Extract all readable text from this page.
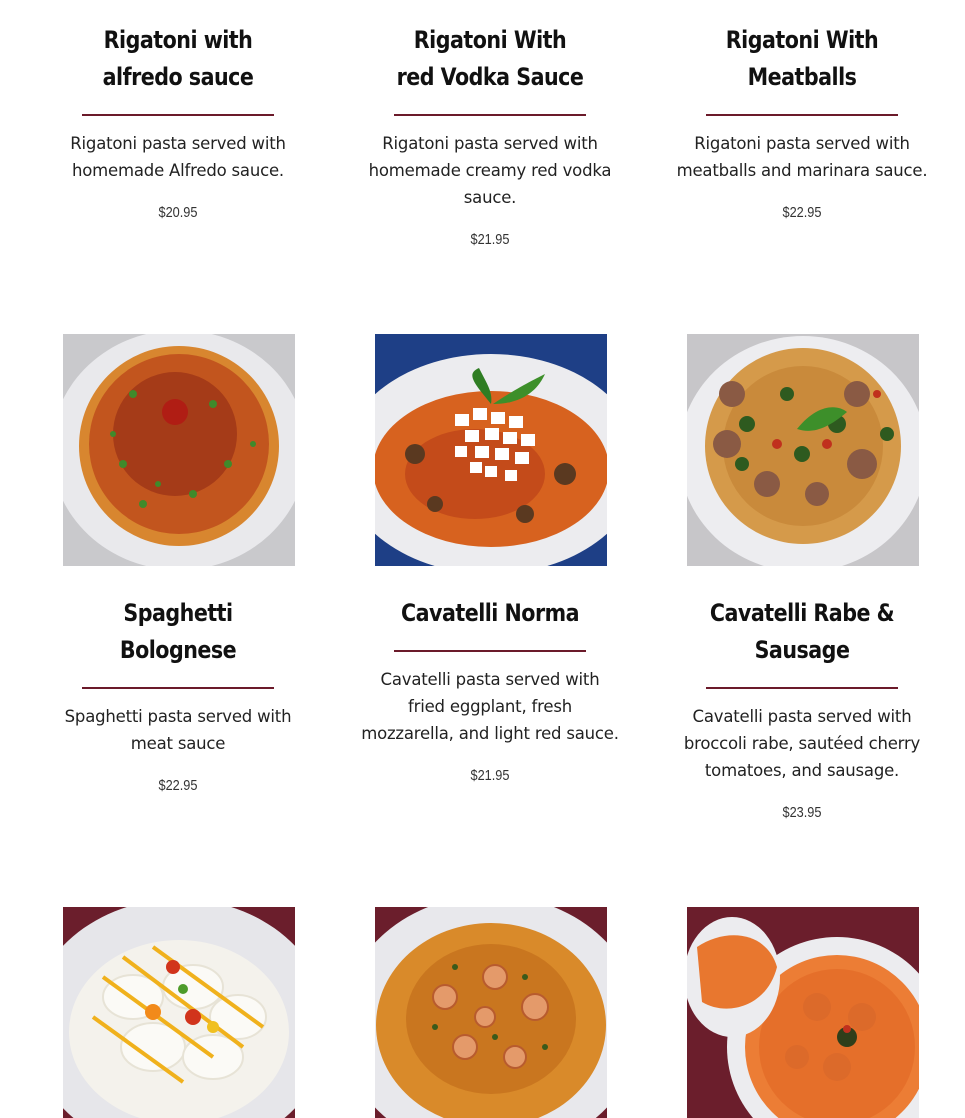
Rigatoni with alfredo sauce
Rigatoni pasta served with homemade Alfredo sauce.
$20.95
Rigatoni With red Vodka Sauce
Rigatoni pasta served with homemade creamy red vodka sauce.
$21.95
Rigatoni With Meatballs
Rigatoni pasta served with meatballs and marinara sauce.
$22.95
Spaghetti Bolognese
Spaghetti pasta served with meat sauce
$22.95
Cavatelli Norma
Cavatelli pasta served with fried eggplant, fresh mozzarella, and light red sauce.
$21.95
Cavatelli Rabe & Sausage
Cavatelli pasta served with broccoli rabe, sautéed cherry tomatoes, and sausage.
$23.95
